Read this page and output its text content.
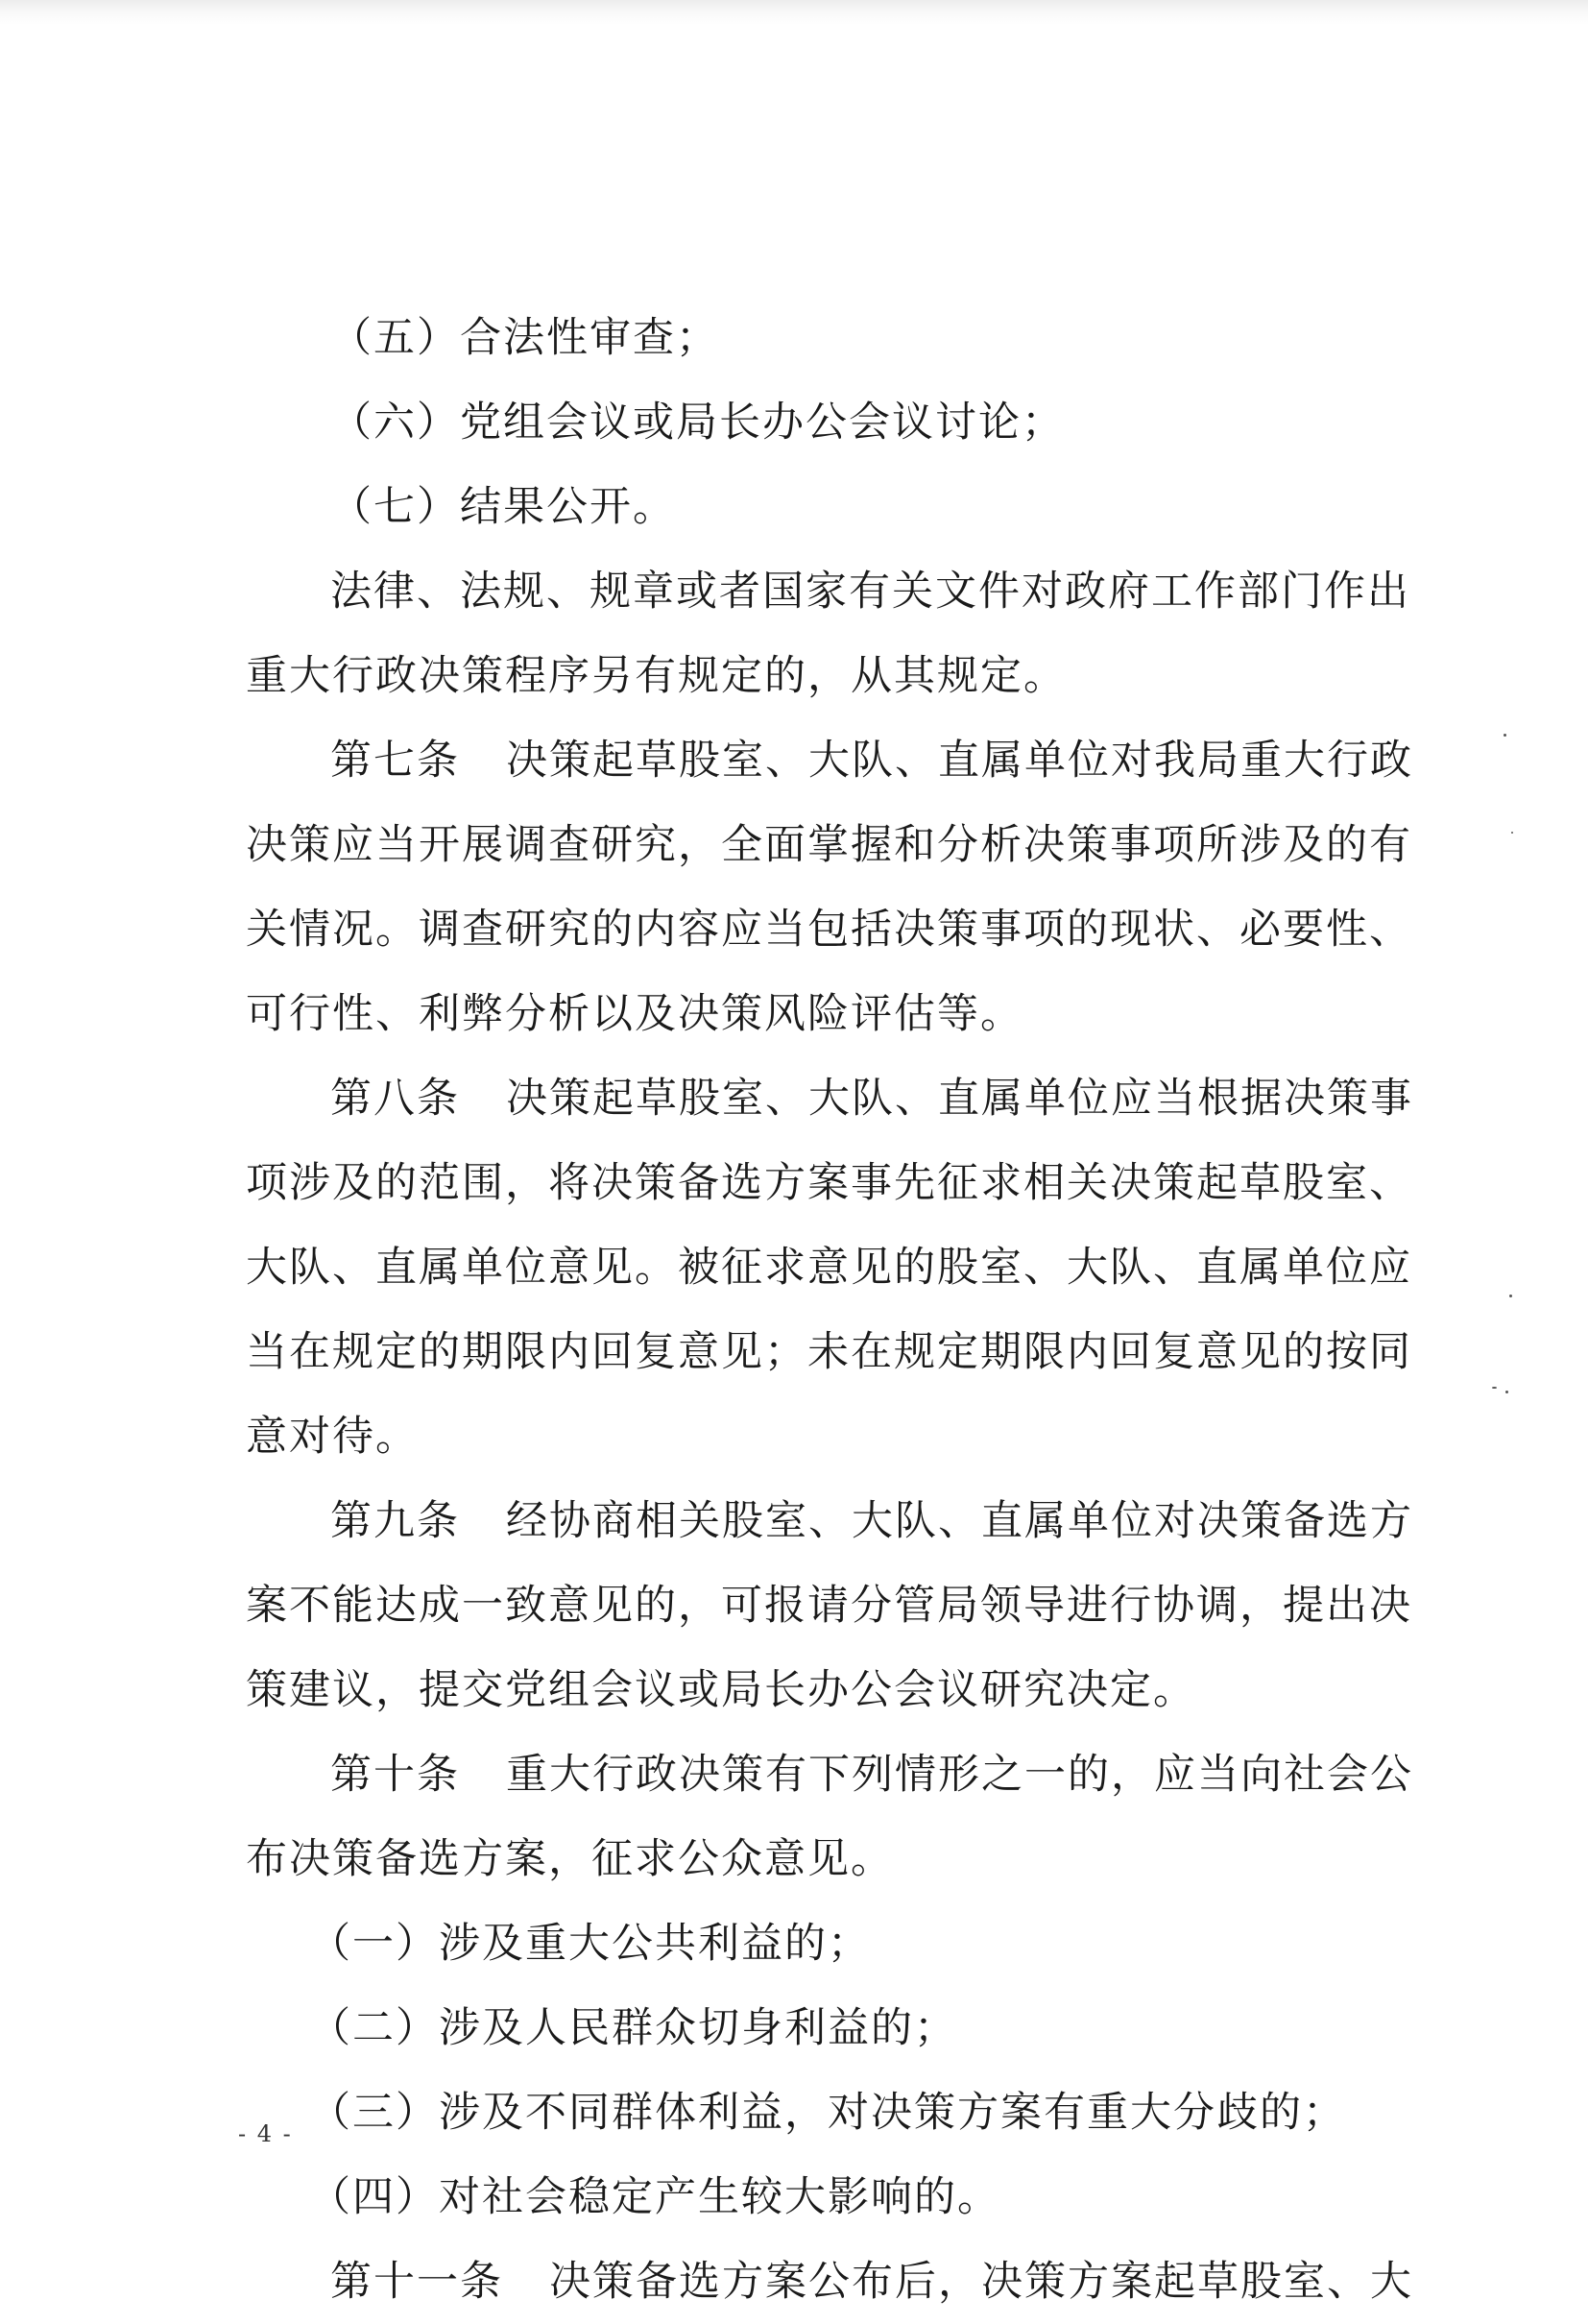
（五）合法性审查；
（六）党组会议或局长办公会议讨论；
（七）结果公开。
法律、法规、规章或者国家有关文件对政府工作部门作出
重大行政决策程序另有规定的，从其规定。
第七条 决策起草股室、大队、直属单位对我局重大行政
决策应当开展调查研究，全面掌握和分析决策事项所涉及的有
关情况。调查研究的内容应当包括决策事项的现状、必要性、
可行性、利弊分析以及决策风险评估等。
第八条 决策起草股室、大队、直属单位应当根据决策事
项涉及的范围，将决策备选方案事先征求相关决策起草股室、
大队、直属单位意见。被征求意见的股室、大队、直属单位应
当在规定的期限内回复意见；未在规定期限内回复意见的按同
意对待。
第九条 经协商相关股室、大队、直属单位对决策备选方
案不能达成一致意见的，可报请分管局领导进行协调，提出决
策建议，提交党组会议或局长办公会议研究决定。
第十条 重大行政决策有下列情形之一的，应当向社会公
布决策备选方案，征求公众意见。
（一）涉及重大公共利益的；
（二）涉及人民群众切身利益的；
（三）涉及不同群体利益，对决策方案有重大分歧的；
（四）对社会稳定产生较大影响的。
第十一条 决策备选方案公布后，决策方案起草股室、大
- 4 -
